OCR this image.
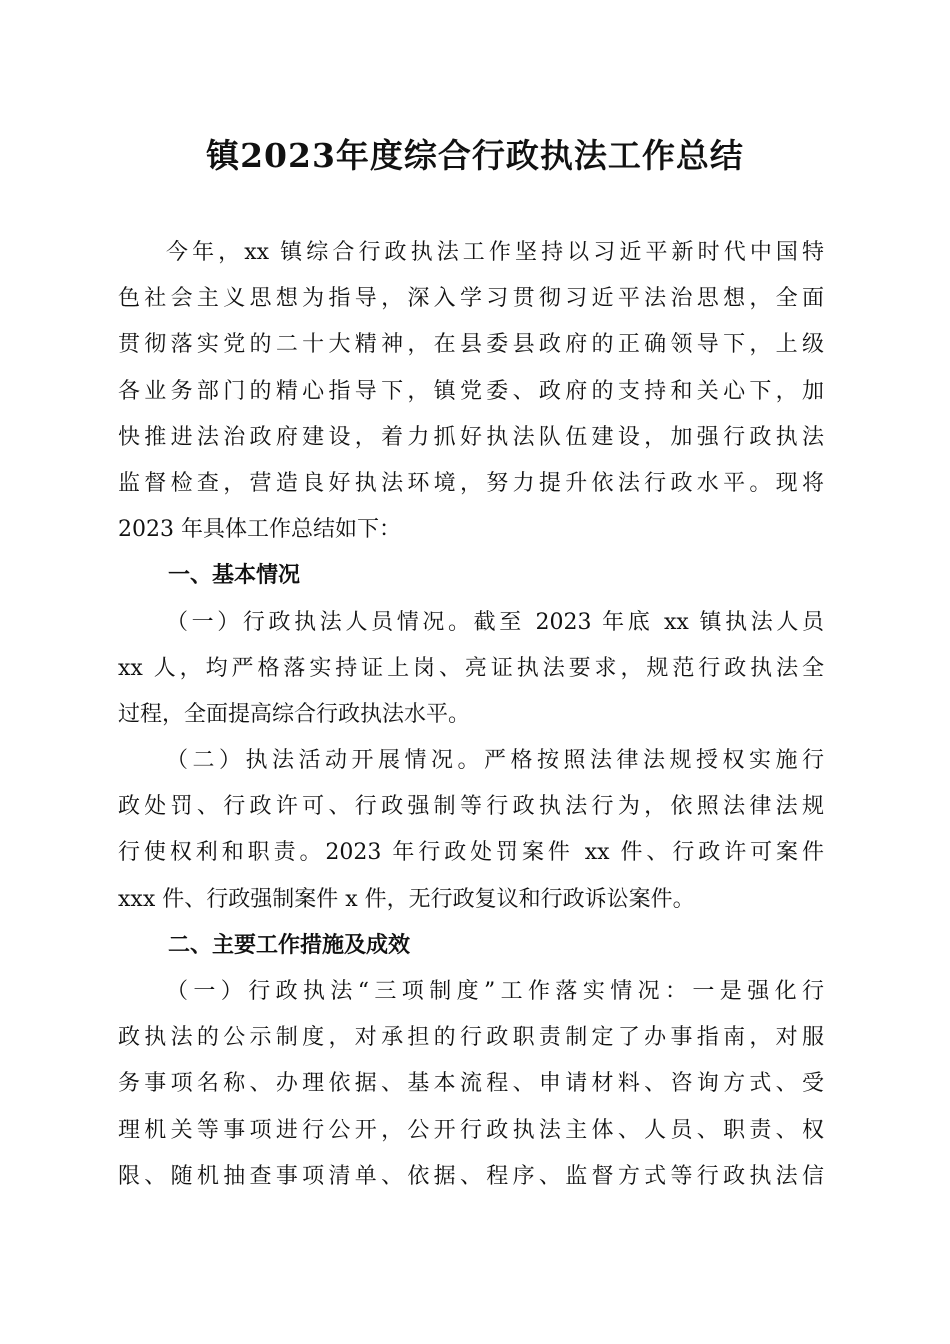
镇2023年度综合行政执法工作总结
今年，xx 镇综合行政执法工作坚持以习近平新时代中国特
色社会主义思想为指导，深入学习贯彻习近平法治思想，全面
贯彻落实党的二十大精神，在县委县政府的正确领导下，上级
各业务部门的精心指导下，镇党委、政府的支持和关心下，加
快推进法治政府建设，着力抓好执法队伍建设，加强行政执法
监督检查，营造良好执法环境，努力提升依法行政水平。现将
2023 年具体工作总结如下：
一、基本情况
（一）行政执法人员情况。截至 2023 年底 xx 镇执法人员
xx 人，均严格落实持证上岗、亮证执法要求，规范行政执法全
过程，全面提高综合行政执法水平。
（二）执法活动开展情况。严格按照法律法规授权实施行
政处罚、行政许可、行政强制等行政执法行为，依照法律法规
行使权利和职责。2023 年行政处罚案件 xx 件、行政许可案件
xxx 件、行政强制案件 x 件，无行政复议和行政诉讼案件。
二、主要工作措施及成效
（一）行政执法“三项制度”工作落实情况：一是强化行
政执法的公示制度，对承担的行政职责制定了办事指南，对服
务事项名称、办理依据、基本流程、申请材料、咨询方式、受
理机关等事项进行公开，公开行政执法主体、人员、职责、权
限、随机抽查事项清单、依据、程序、监督方式等行政执法信
